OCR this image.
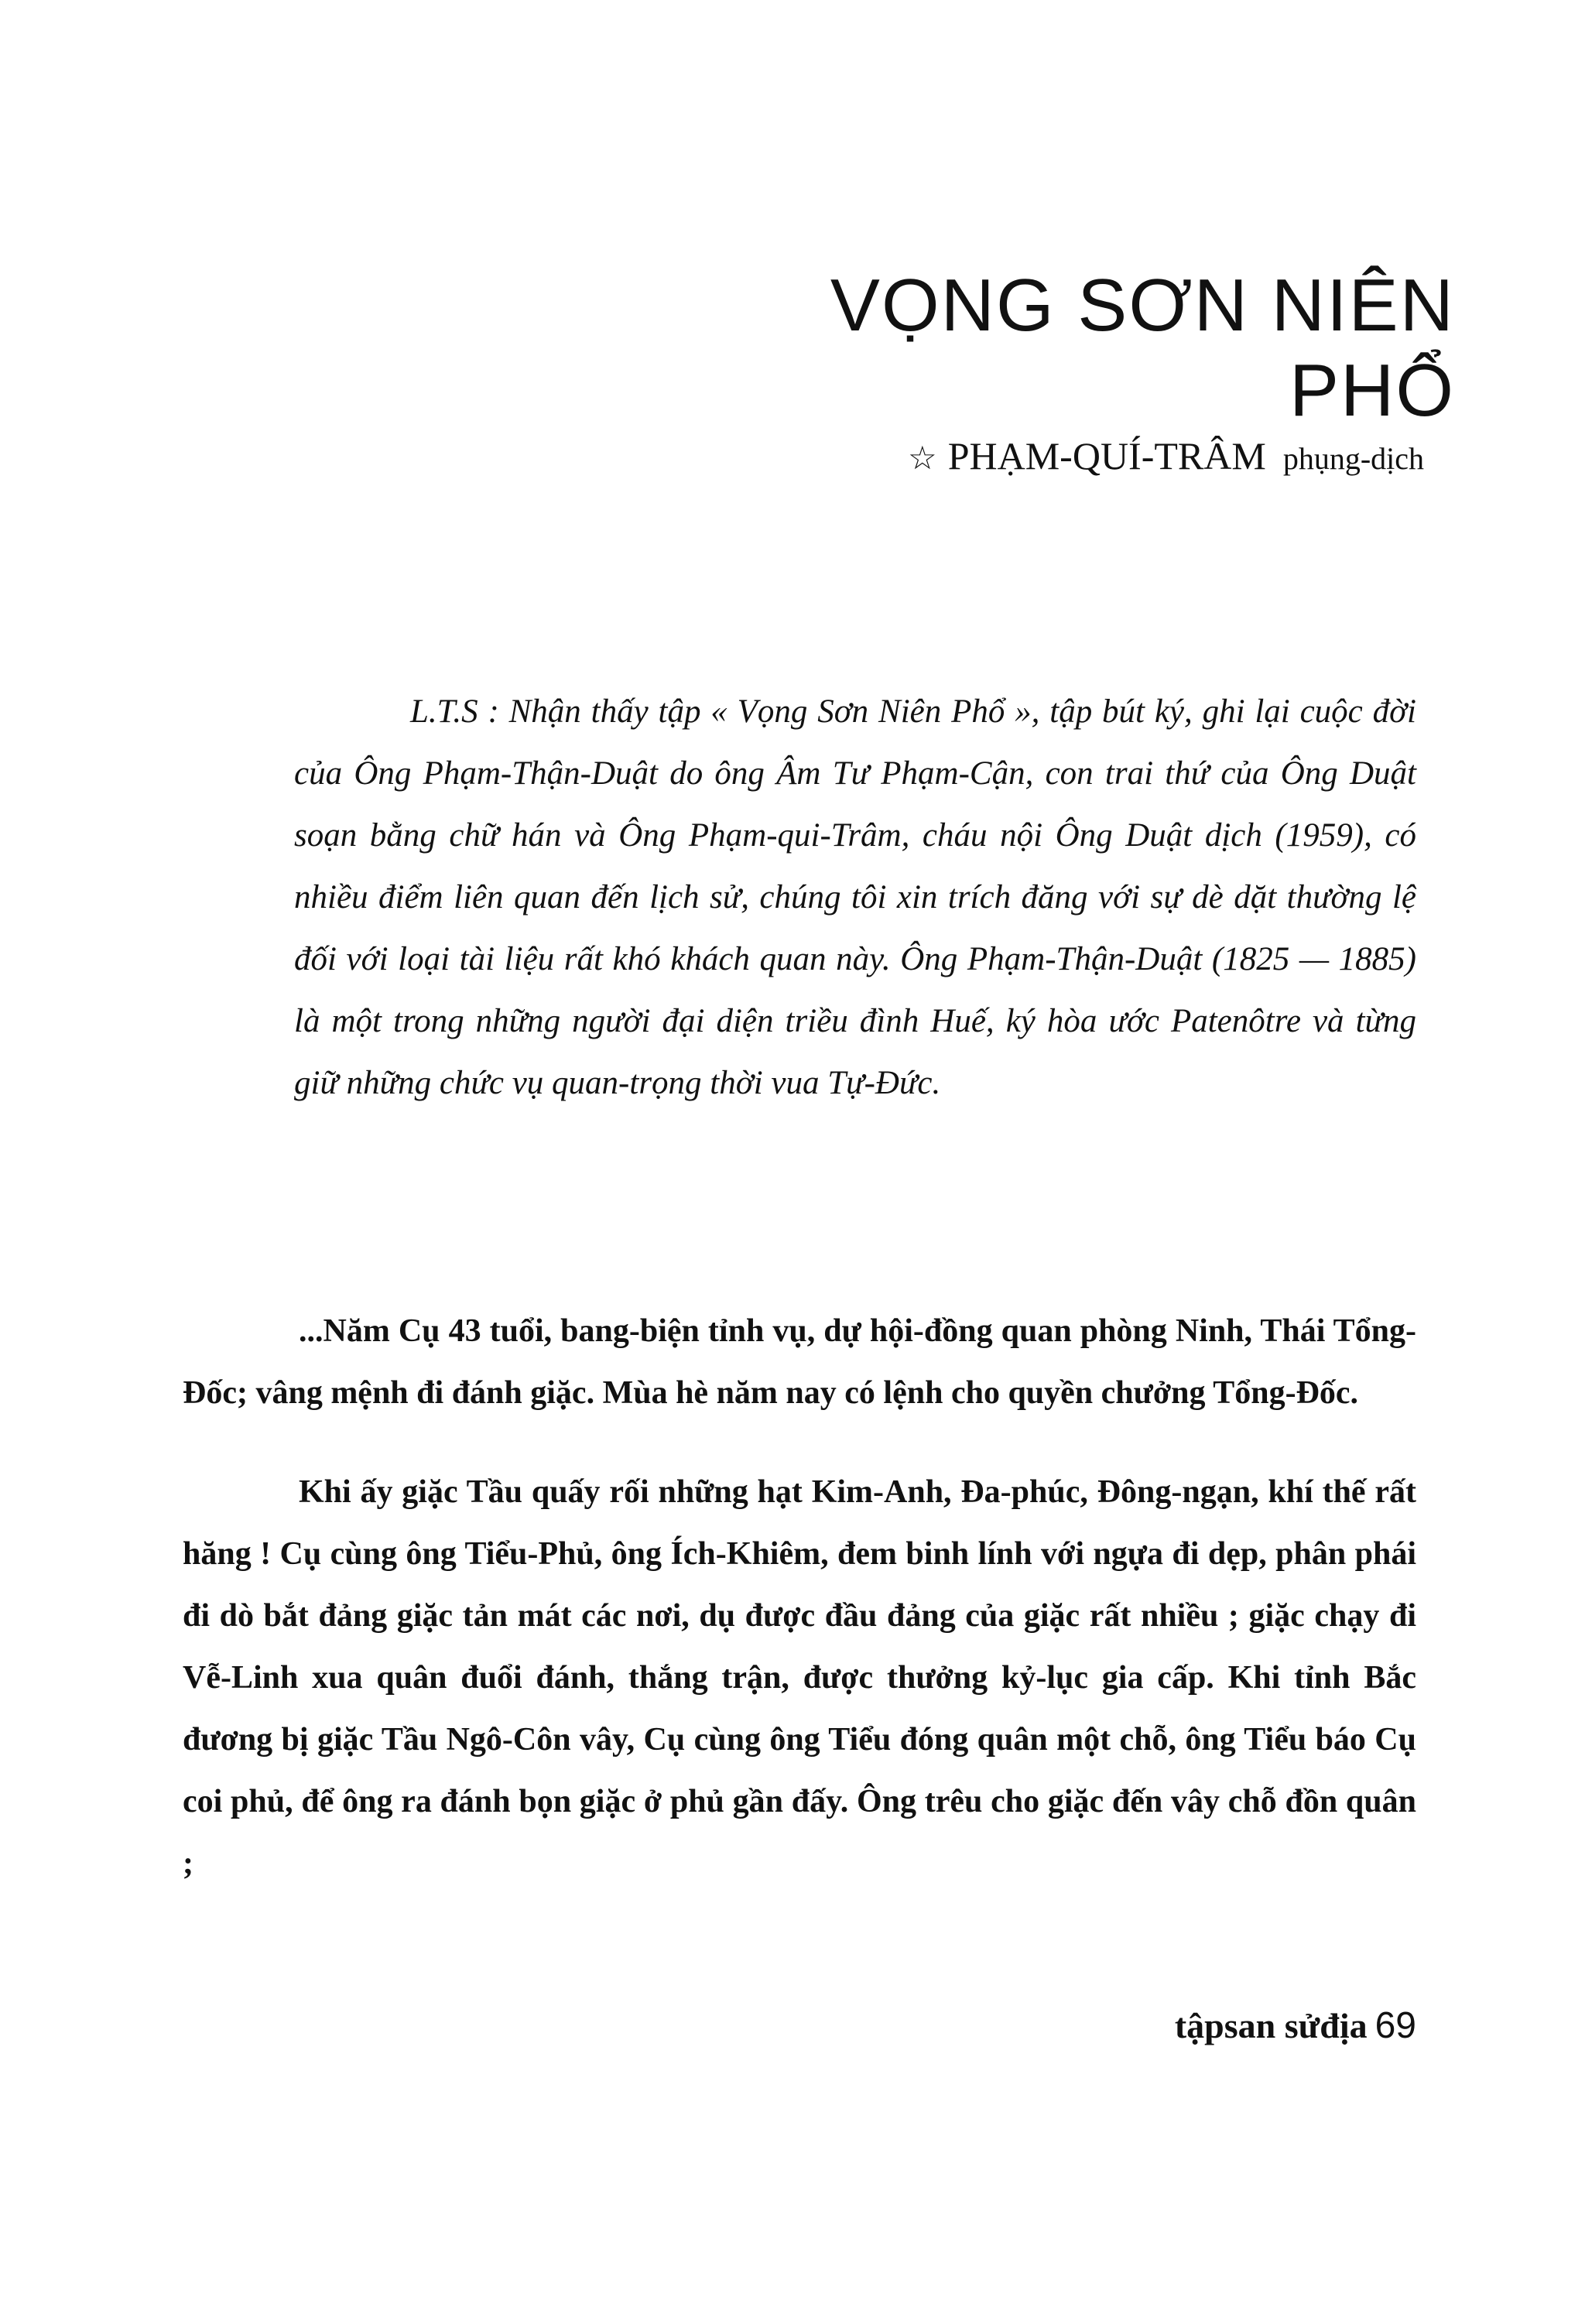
VỌNG SƠN NIÊN PHỔ
☆ PHẠM-QUÍ-TRÂM phụng-dịch

L.T.S : Nhận thấy tập « Vọng Sơn Niên Phổ », tập bút ký, ghi lại cuộc đời của Ông Phạm-Thận-Duật do ông Âm Tư Phạm-Cận, con trai thứ của Ông Duật soạn bằng chữ hán và Ông Phạm-qui-Trâm, cháu nội Ông Duật dịch (1959), có nhiều điểm liên quan đến lịch sử, chúng tôi xin trích đăng với sự dè dặt thường lệ đối với loại tài liệu rất khó khách quan này. Ông Phạm-Thận-Duật (1825 — 1885) là một trong những người đại diện triều đình Huế, ký hòa ước Patenôtre và từng giữ những chức vụ quan-trọng thời vua Tự-Đức.

...Năm Cụ 43 tuổi, bang-biện tỉnh vụ, dự hội-đồng quan phòng Ninh, Thái Tổng-Đốc; vâng mệnh đi đánh giặc. Mùa hè năm nay có lệnh cho quyền chưởng Tổng-Đốc.

Khi ấy giặc Tầu quấy rối những hạt Kim-Anh, Đa-phúc, Đông-ngạn, khí thế rất hăng ! Cụ cùng ông Tiểu-Phủ, ông Ích-Khiêm, đem binh lính với ngựa đi dẹp, phân phái đi dò bắt đảng giặc tản mát các nơi, dụ được đầu đảng của giặc rất nhiều ; giặc chạy đi Vễ-Linh xua quân đuổi đánh, thắng trận, được thưởng kỷ-lục gia cấp. Khi tỉnh Bắc đương bị giặc Tầu Ngô-Côn vây, Cụ cùng ông Tiểu đóng quân một chỗ, ông Tiểu báo Cụ coi phủ, để ông ra đánh bọn giặc ở phủ gần đấy. Ông trêu cho giặc đến vây chỗ đồn quân ;

tậpsan sửđịa 69
